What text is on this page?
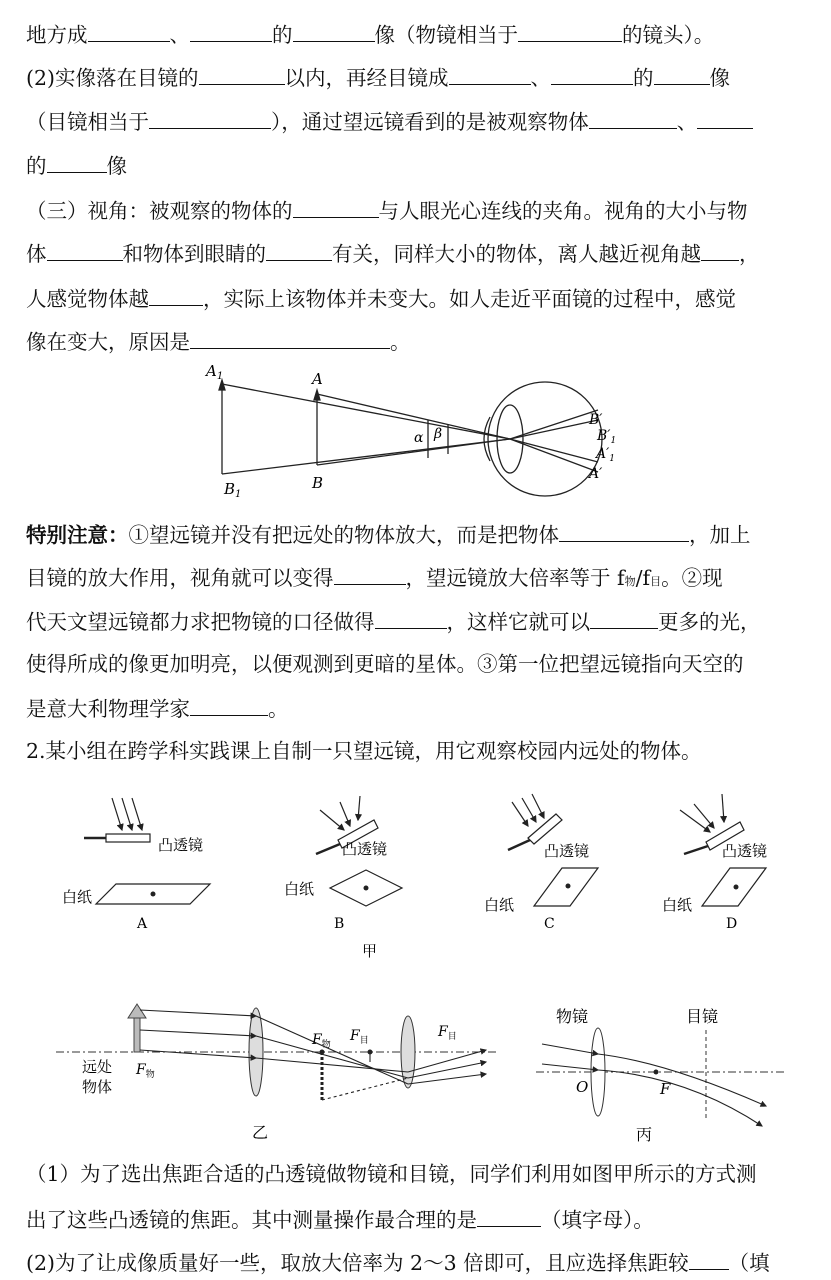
地方成	、	的	像（物镜相当于	的镜头）。
(2)实像落在目镜的	以内，再经目镜成	、	的	像
（目镜相当于	），通过望远镜看到的是被观察物体	、
的	像
（三）视角：被观察的物体的	与人眼光心连线的夹角。视角的大小与物
体	和物体到眼睛的	有关，同样大小的物体，离人越近视角越 ，
人感觉物体越	，实际上该物体并未变大。如人走近平面镜的过程中，感觉
像在变大，原因是	。
$A_1$	A
$B_1$
B
α β
B′
$B'_1$
$A'_1$
A′
特别注意：①望远镜并没有把远处的物体放大，而是把物体	，加上
目镜的放大作用，视角就可以变得	，望远镜放大倍率等于 f物/f目。②现
代天文望远镜都力求把物镜的口径做得	，这样它就可以	更多的光，
使得所成的像更加明亮，以便观测到更暗的星体。③第一位把望远镜指向天空的
是意大利物理学家	。
2.某小组在跨学科实践课上自制一只望远镜，用它观察校园内远处的物体。
凸透镜
白纸
A
凸透镜
白纸
B
甲
凸透镜
白纸
C
凸透镜
白纸
D
远处
物体
$F_物$
$F_物$
$F_目$
$F_目$
乙
物镜	目镜
O	F
丙
（1）为了选出焦距合适的凸透镜做物镜和目镜，同学们利用如图甲所示的方式测
出了这些凸透镜的焦距。其中测量操作最合理的是	（填字母）。
(2)为了让成像质量好一些，取放大倍率为 2～3 倍即可，且应选择焦距较 （填
